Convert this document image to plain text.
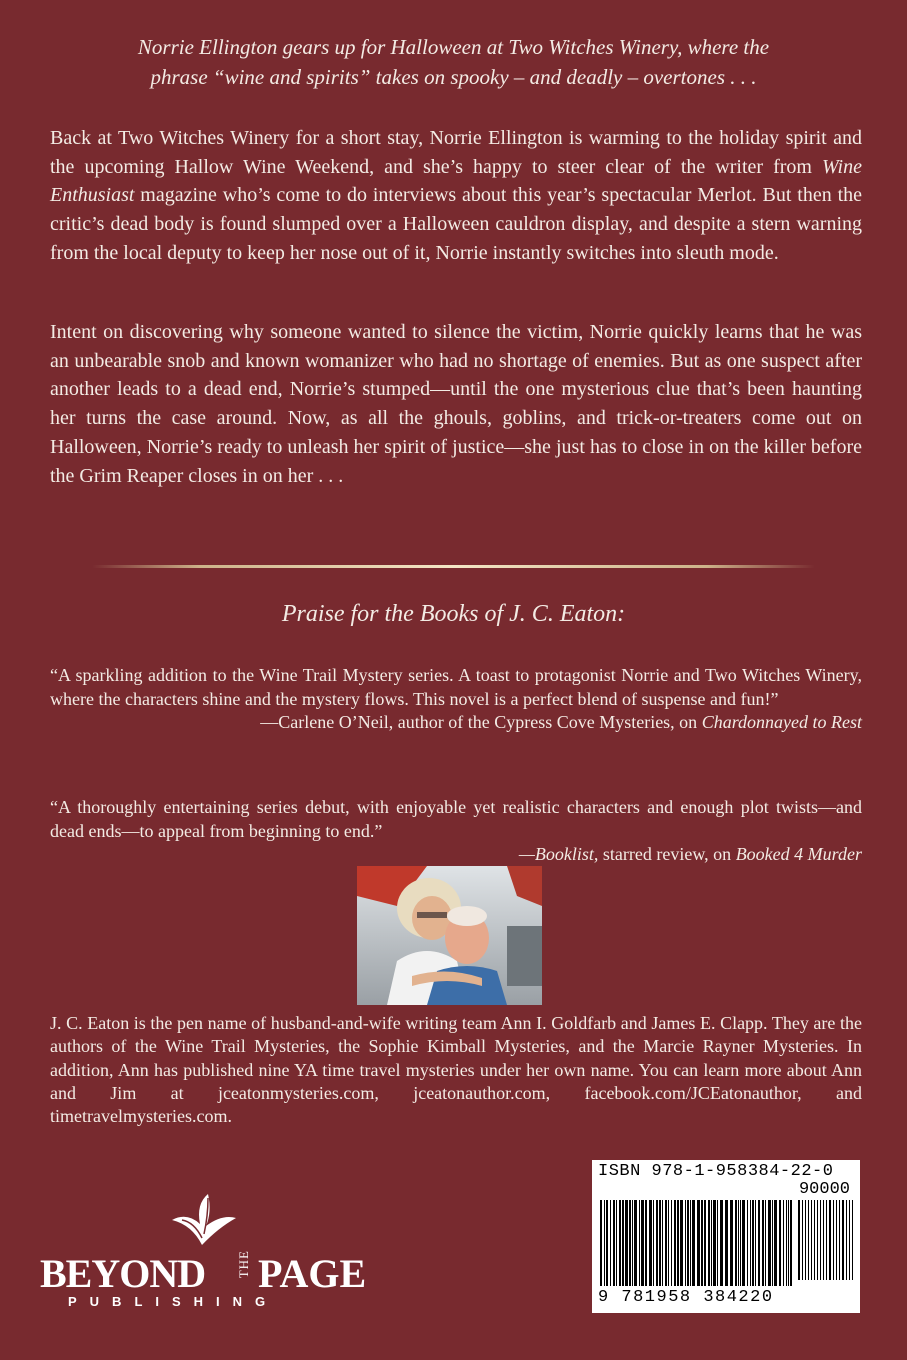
Norrie Ellington gears up for Halloween at Two Witches Winery, where the
phrase “wine and spirits” takes on spooky – and deadly – overtones . . .

Back at Two Witches Winery for a short stay, Norrie Ellington is warming to the holiday spirit and the upcoming Hallow Wine Weekend, and she’s happy to steer clear of the writer from Wine Enthusiast magazine who’s come to do interviews about this year’s spectacular Merlot. But then the critic’s dead body is found slumped over a Halloween cauldron display, and despite a stern warning from the local deputy to keep her nose out of it, Norrie instantly switches into sleuth mode.

Intent on discovering why someone wanted to silence the victim, Norrie quickly learns that he was an unbearable snob and known womanizer who had no shortage of enemies. But as one suspect after another leads to a dead end, Norrie’s stumped—until the one mysterious clue that’s been haunting her turns the case around. Now, as all the ghouls, goblins, and trick-or-treaters come out on Halloween, Norrie’s ready to unleash her spirit of justice—she just has to close in on the killer before the Grim Reaper closes in on her . . .

Praise for the Books of J. C. Eaton:

“A sparkling addition to the Wine Trail Mystery series. A toast to protagonist Norrie and Two Witches Winery, where the characters shine and the mystery flows. This novel is a perfect blend of suspense and fun!”
—Carlene O’Neil, author of the Cypress Cove Mysteries, on Chardonnayed to Rest

“A thoroughly entertaining series debut, with enjoyable yet realistic characters and enough plot twists—and dead ends—to appeal from beginning to end.”
—Booklist, starred review, on Booked 4 Murder

J. C. Eaton is the pen name of husband-and-wife writing team Ann I. Goldfarb and James E. Clapp. They are the authors of the Wine Trail Mysteries, the Sophie Kimball Mysteries, and the Marcie Rayner Mysteries. In addition, Ann has published nine YA time travel mysteries under her own name. You can learn more about Ann and Jim at jceatonmysteries.com, jceatonauthor.com, facebook.com/JCEatonauthor, and timetravelmysteries.com.

BEYOND THE PAGE
PUBLISHING
ISBN 978-1-958384-22-0
90000
9 781958 384220
